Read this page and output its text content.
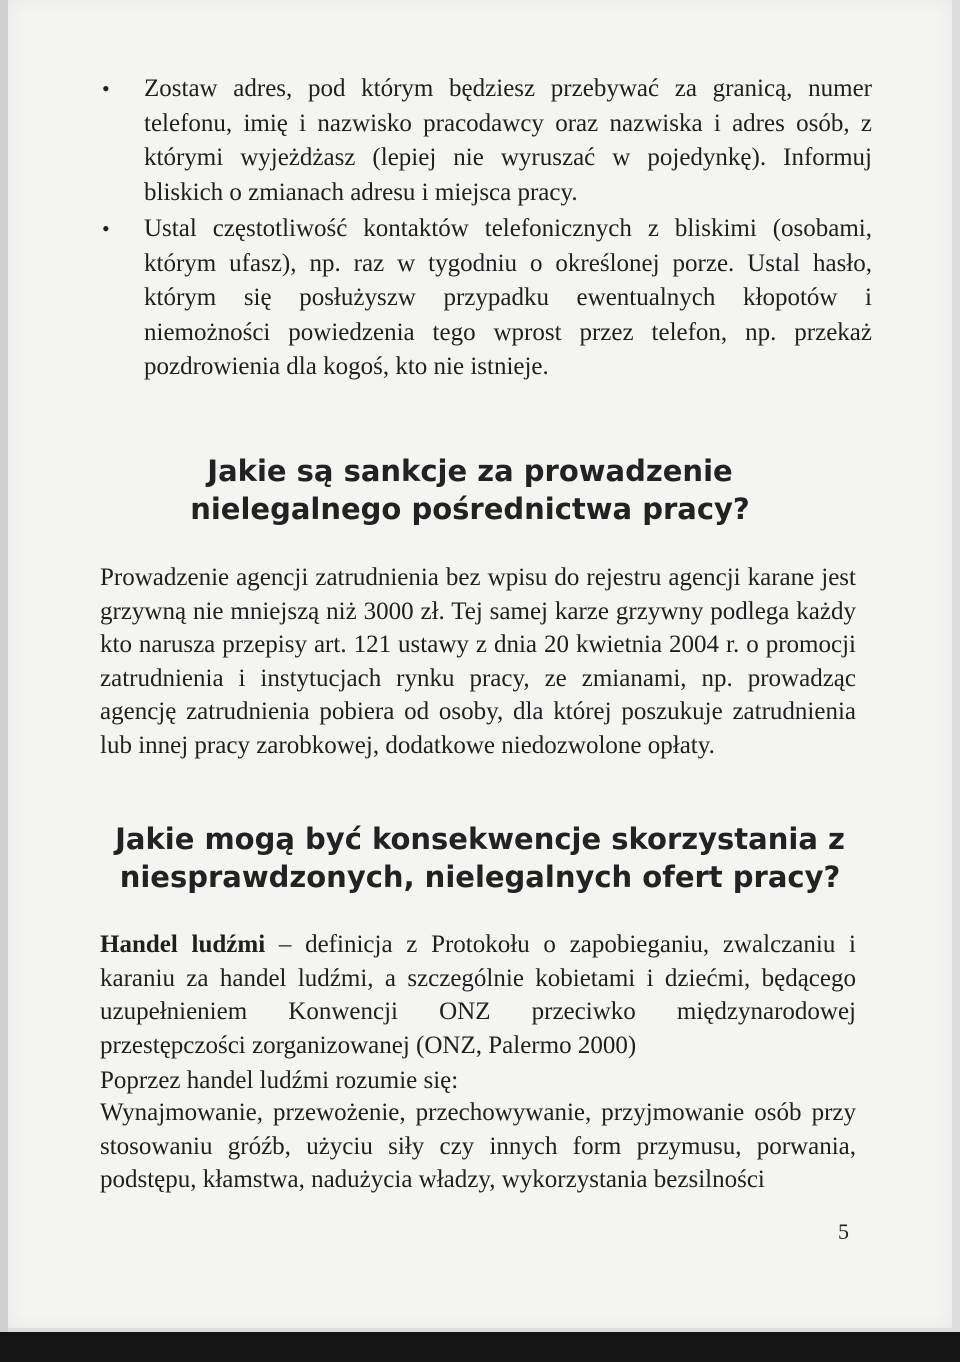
• Zostaw adres, pod którym będziesz przebywać za granicą, numer telefonu, imię i nazwisko pracodawcy oraz nazwiska i adres osób, z którymi wyjeżdżasz (lepiej nie wyruszać w pojedynkę). Informuj bliskich o zmianach adresu i miejsca pracy.
• Ustal częstotliwość kontaktów telefonicznych z bliskimi (osobami, którym ufasz), np. raz w tygodniu o określonej porze. Ustal hasło, którym się posłużyszw przypadku ewentualnych kłopotów i niemożności powiedzenia tego wprost przez telefon, np. przekaż pozdrowienia dla kogoś, kto nie istnieje.
Jakie są sankcje za prowadzenie nielegalnego pośrednictwa pracy?

Prowadzenie agencji zatrudnienia bez wpisu do rejestru agencji karane jest grzywną nie mniejszą niż 3000 zł. Tej samej karze grzywny podlega każdy kto narusza przepisy art. 121 ustawy z dnia 20 kwietnia 2004 r. o promocji zatrudnienia i instytucjach rynku pracy, ze zmianami, np. prowadząc agencję zatrudnienia pobiera od osoby, dla której poszukuje zatrudnienia lub innej pracy zarobkowej, dodatkowe niedozwolone opłaty.

Jakie mogą być konsekwencje skorzystania z niesprawdzonych, nielegalnych ofert pracy?

Handel ludźmi – definicja z Protokołu o zapobieganiu, zwalczaniu i karaniu za handel ludźmi, a szczególnie kobietami i dziećmi, będącego uzupełnieniem Konwencji ONZ przeciwko międzynarodowej przestępczości zorganizowanej (ONZ, Palermo 2000)

Poprzez handel ludźmi rozumie się:

Wynajmowanie, przewożenie, przechowywanie, przyjmowanie osób przy stosowaniu gróźb, użyciu siły czy innych form przymusu, porwania, podstępu, kłamstwa, nadużycia władzy, wykorzystania bezsilności

5
